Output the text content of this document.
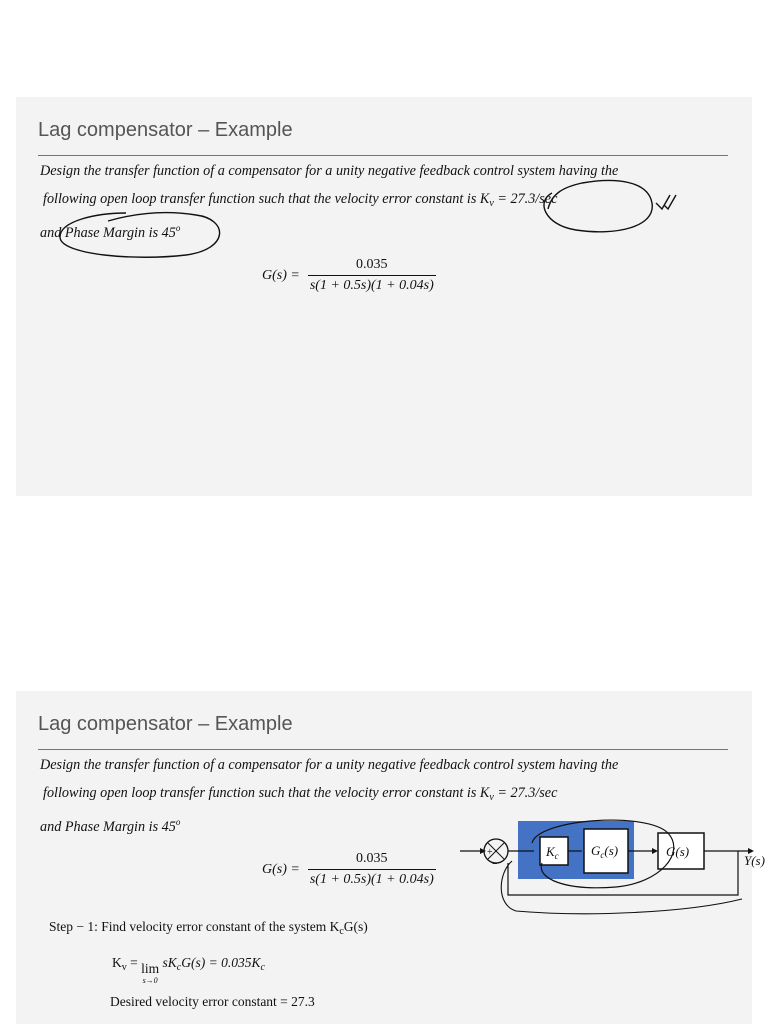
Lag compensator – Example
Design the transfer function of a compensator for a unity negative feedback control system having the
following open loop transfer function such that the velocity error constant is $K_v = 27.3/\sec$
and Phase Margin is 45$^o$
$G(s) = \frac{0.035}{s(1 + 0.5s)(1 + 0.04s)}$
Lag compensator – Example
Design the transfer function of a compensator for a unity negative feedback control system having the
following open loop transfer function such that the velocity error constant is $K_v = 27.3/\sec$
and Phase Margin is 45$^o$
$G(s) = \frac{0.035}{s(1 + 0.5s)(1 + 0.04s)}$
Step − 1: Find velocity error constant of the system $K_cG(s)$
$K_v = \lim$
s→0
$sK_cG(s) = 0.035K_c$
Desired velocity error constant = 27.3
+
−
$K_c$ $G_c(s)$	G(s)
Y(s)
